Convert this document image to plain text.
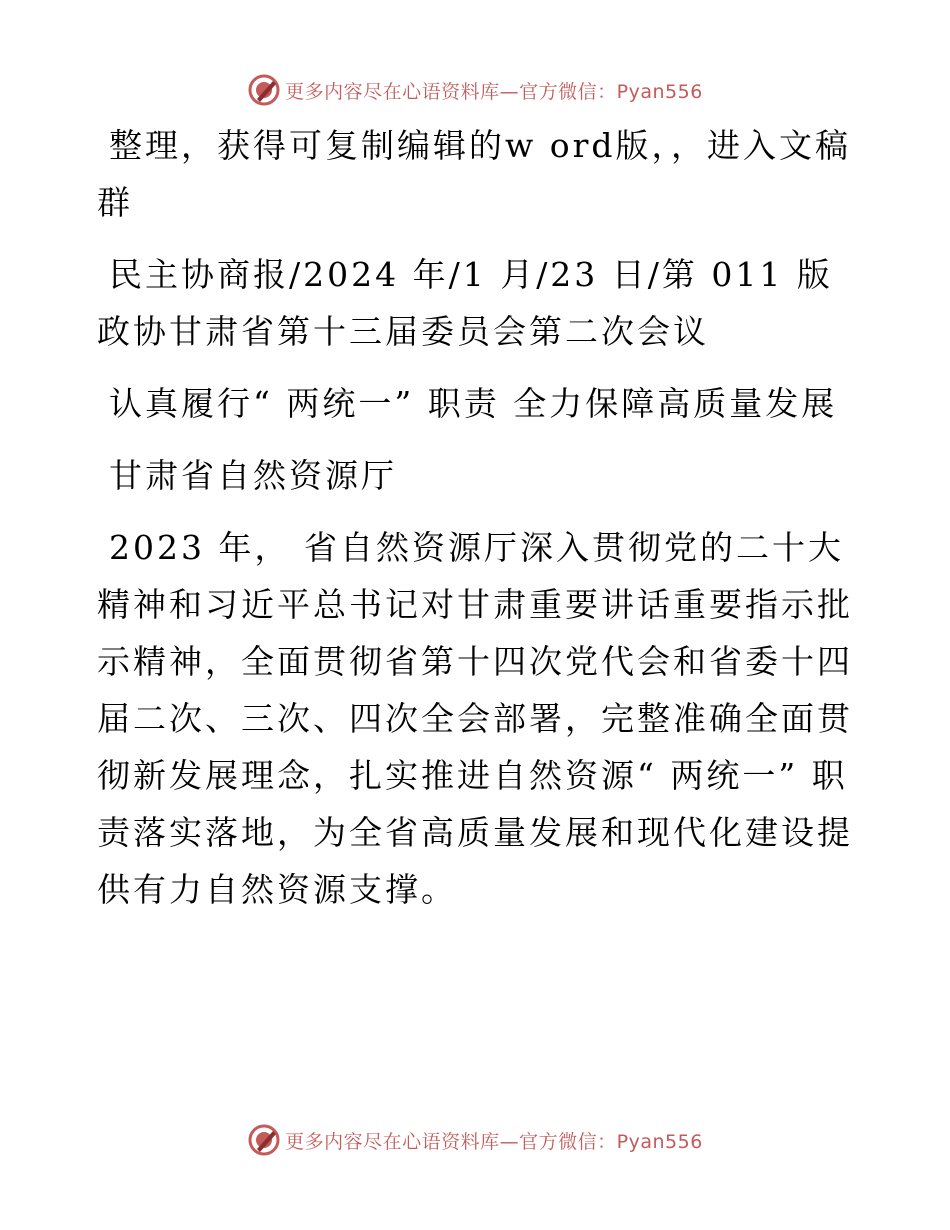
更多内容尽在心语资料库—官方微信：Pyan556

整理，获得可复制编辑的w ord版，，进入文稿群

民主协商报/2024 年/1 月/23 日/第 011 版政协甘肃省第十三届委员会第二次会议

认真履行“ 两统一” 职责 全力保障高质量发展

甘肃省自然资源厅

2023 年， 省自然资源厅深入贯彻党的二十大精神和习近平总书记对甘肃重要讲话重要指示批示精神，全面贯彻省第十四次党代会和省委十四届二次、三次、四次全会部署，完整准确全面贯彻新发展理念，扎实推进自然资源“ 两统一” 职责落实落地，为全省高质量发展和现代化建设提供有力自然资源支撑。

更多内容尽在心语资料库—官方微信：Pyan556
